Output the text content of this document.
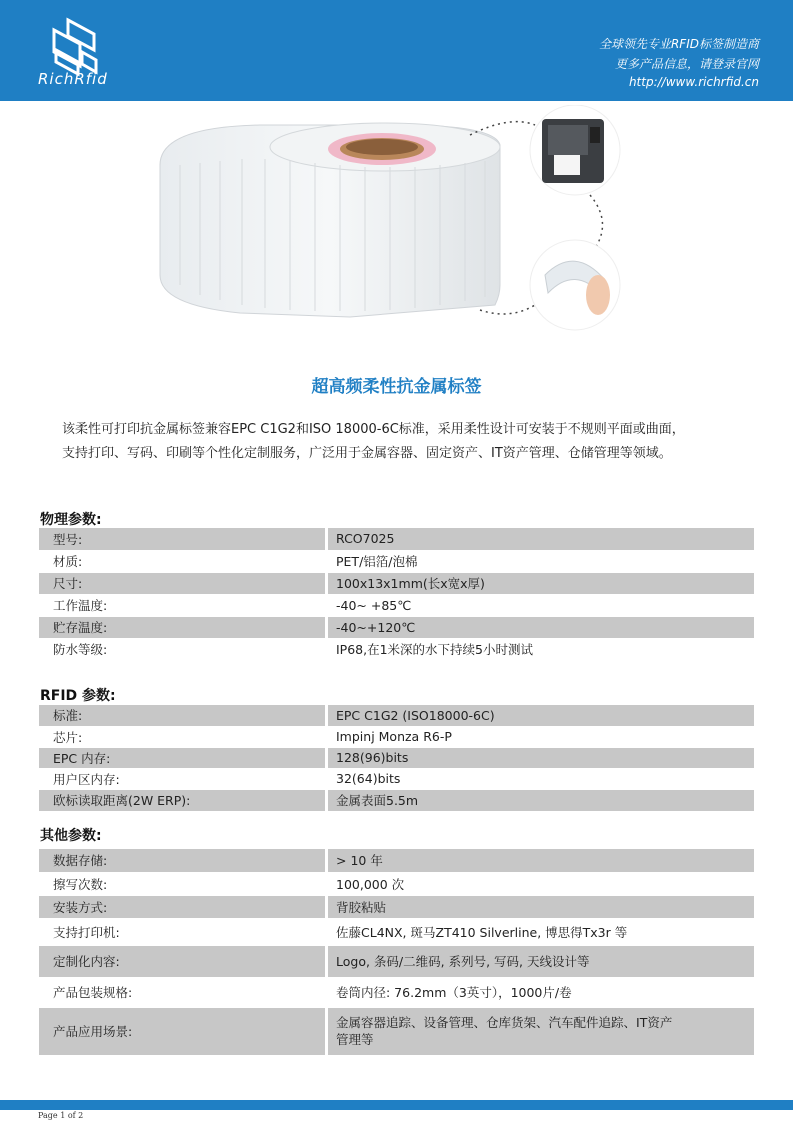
RichRfid
全球领先专业RFID标签制造商
更多产品信息，请登录官网
http://www.richrfid.cn
超高频柔性抗金属标签

该柔性可打印抗金属标签兼容EPC C1G2和ISO 18000-6C标准，采用柔性设计可安装于不规则平面或曲面，

支持打印、写码、印刷等个性化定制服务，广泛用于金属容器、固定资产、IT资产管理、仓储管理等领域。

物理参数:
型号:	RCO7025
材质:	PET/铝箔/泡棉
尺寸:	100x13x1mm(长x宽x厚)
工作温度:	-40~ +85℃
贮存温度:	-40~+120℃
防水等级:	IP68,在1米深的水下持续5小时测试
RFID 参数:
标准:	EPC C1G2 (ISO18000-6C)
芯片:	Impinj Monza R6-P
EPC 内存:	128(96)bits
用户区内存:	32(64)bits
欧标读取距离(2W ERP):	金属表面5.5m
其他参数:
数据存储:	> 10 年
擦写次数:	100,000 次
安装方式:	背胶粘贴
支持打印机:	佐藤CL4NX, 斑马ZT410 Silverline, 博思得Tx3r 等
定制化内容:	Logo, 条码/二维码, 系列号, 写码, 天线设计等
产品包装规格:	卷筒内径: 76.2mm（3英寸），1000片/卷
产品应用场景:	金属容器追踪、设备管理、仓库货架、汽车配件追踪、IT资产
管理等
Page 1 of 2
